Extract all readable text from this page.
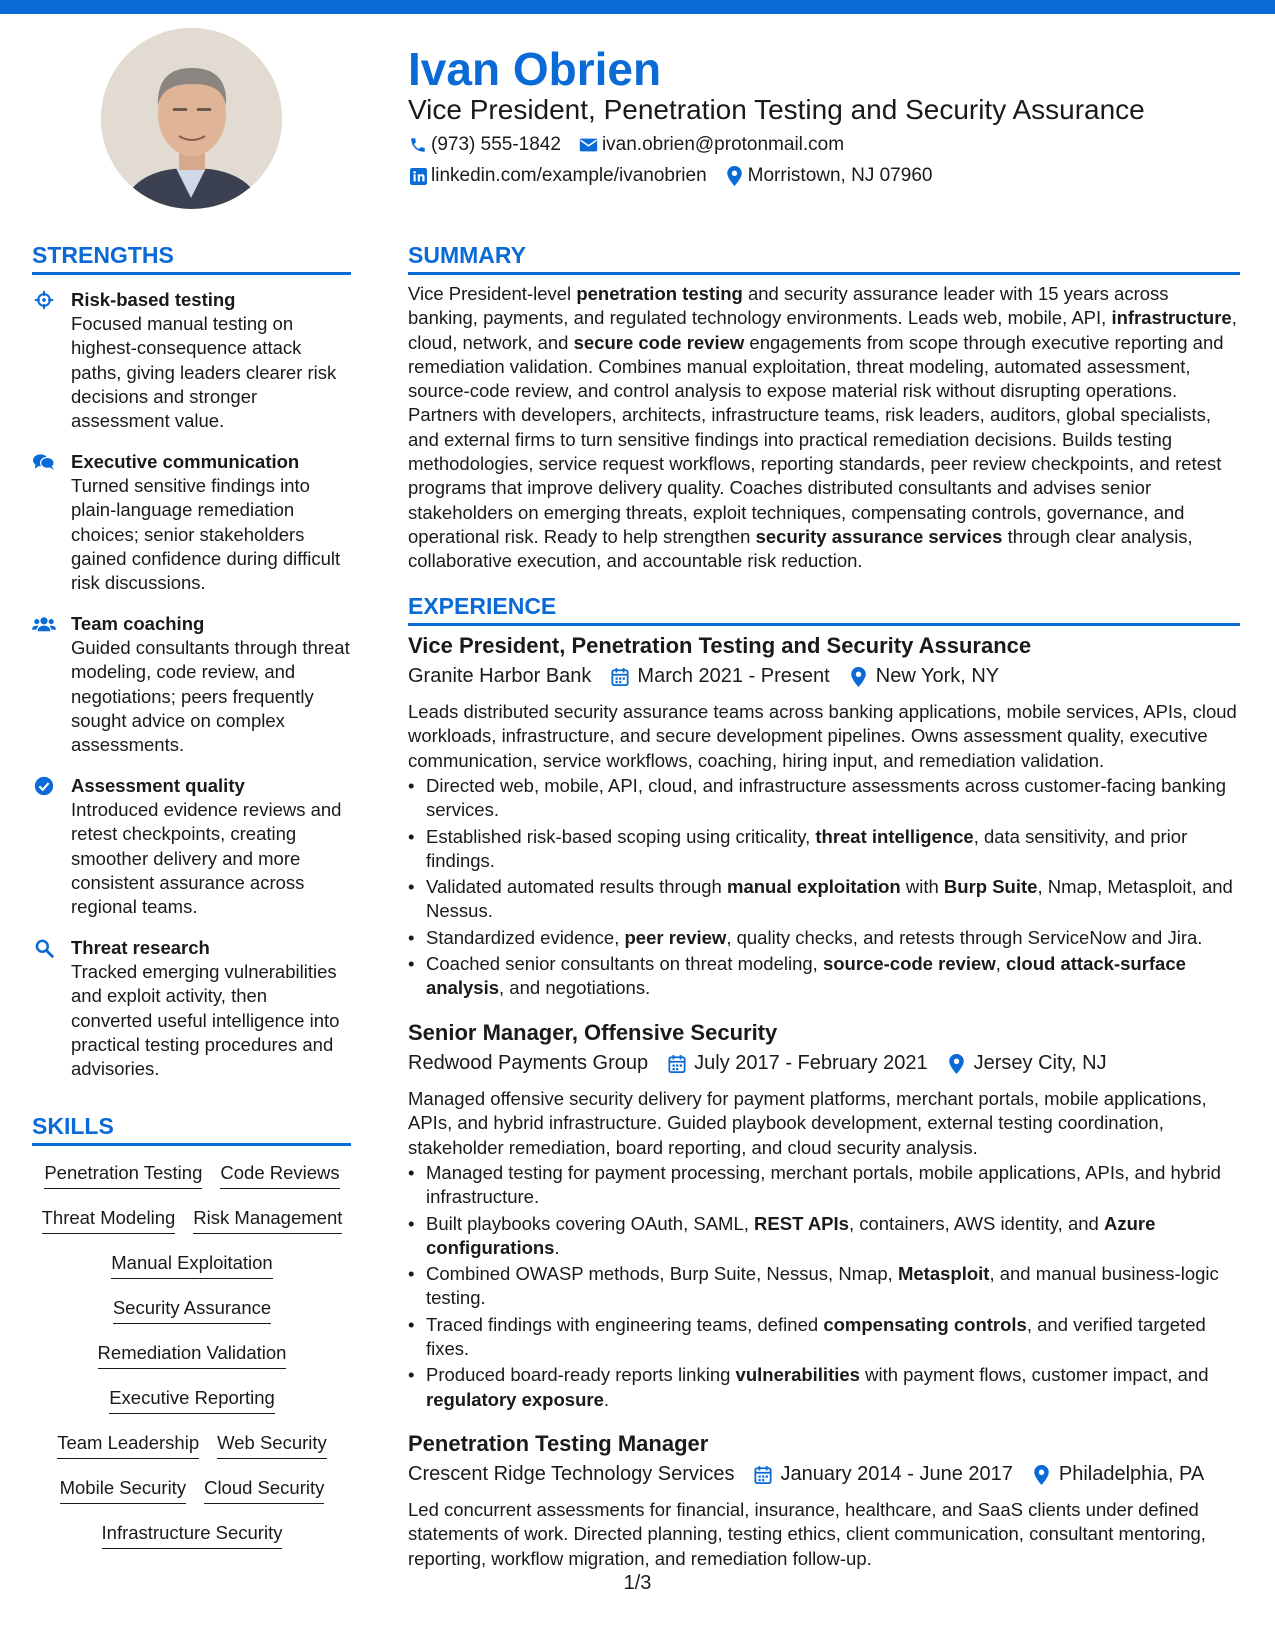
Ivan Obrien
Vice President, Penetration Testing and Security Assurance
(973) 555-1842 ivan.obrien@protonmail.com
linkedin.com/example/ivanobrien Morristown, NJ 07960
STRENGTHS
Risk-based testing
Focused manual testing on highest-consequence attack paths, giving leaders clearer risk decisions and stronger assessment value.
Executive communication
Turned sensitive findings into plain-language remediation choices; senior stakeholders gained confidence during difficult risk discussions.
Team coaching
Guided consultants through threat modeling, code review, and negotiations; peers frequently sought advice on complex assessments.
Assessment quality
Introduced evidence reviews and retest checkpoints, creating smoother delivery and more consistent assurance across regional teams.
Threat research
Tracked emerging vulnerabilities and exploit activity, then converted useful intelligence into practical testing procedures and advisories.
SKILLS
Penetration Testing Code Reviews
Threat Modeling Risk Management
Manual Exploitation
Security Assurance
Remediation Validation
Executive Reporting
Team Leadership Web Security
Mobile Security Cloud Security
Infrastructure Security
SUMMARY
Vice President-level penetration testing and security assurance leader with 15 years across banking, payments, and regulated technology environments. Leads web, mobile, API, infrastructure, cloud, network, and secure code review engagements from scope through executive reporting and remediation validation. Combines manual exploitation, threat modeling, automated assessment, source-code review, and control analysis to expose material risk without disrupting operations. Partners with developers, architects, infrastructure teams, risk leaders, auditors, global specialists, and external firms to turn sensitive findings into practical remediation decisions. Builds testing methodologies, service request workflows, reporting standards, peer review checkpoints, and retest programs that improve delivery quality. Coaches distributed consultants and advises senior stakeholders on emerging threats, exploit techniques, compensating controls, governance, and operational risk. Ready to help strengthen security assurance services through clear analysis, collaborative execution, and accountable risk reduction.
EXPERIENCE
Vice President, Penetration Testing and Security Assurance
Granite Harbor Bank March 2021 - Present New York, NY
Leads distributed security assurance teams across banking applications, mobile services, APIs, cloud workloads, infrastructure, and secure development pipelines. Owns assessment quality, executive communication, service workflows, coaching, hiring input, and remediation validation.
• Directed web, mobile, API, cloud, and infrastructure assessments across customer-facing banking services.
• Established risk-based scoping using criticality, threat intelligence, data sensitivity, and prior findings.
• Validated automated results through manual exploitation with Burp Suite, Nmap, Metasploit, and Nessus.
• Standardized evidence, peer review, quality checks, and retests through ServiceNow and Jira.
• Coached senior consultants on threat modeling, source-code review, cloud attack-surface analysis, and negotiations.
Senior Manager, Offensive Security
Redwood Payments Group July 2017 - February 2021 Jersey City, NJ
Managed offensive security delivery for payment platforms, merchant portals, mobile applications, APIs, and hybrid infrastructure. Guided playbook development, external testing coordination, stakeholder remediation, board reporting, and cloud security analysis.
• Managed testing for payment processing, merchant portals, mobile applications, APIs, and hybrid infrastructure.
• Built playbooks covering OAuth, SAML, REST APIs, containers, AWS identity, and Azure configurations.
• Combined OWASP methods, Burp Suite, Nessus, Nmap, Metasploit, and manual business-logic testing.
• Traced findings with engineering teams, defined compensating controls, and verified targeted fixes.
• Produced board-ready reports linking vulnerabilities with payment flows, customer impact, and regulatory exposure.
Penetration Testing Manager
Crescent Ridge Technology Services January 2014 - June 2017 Philadelphia, PA
Led concurrent assessments for financial, insurance, healthcare, and SaaS clients under defined statements of work. Directed planning, testing ethics, client communication, consultant mentoring, reporting, workflow migration, and remediation follow-up.
1/3
